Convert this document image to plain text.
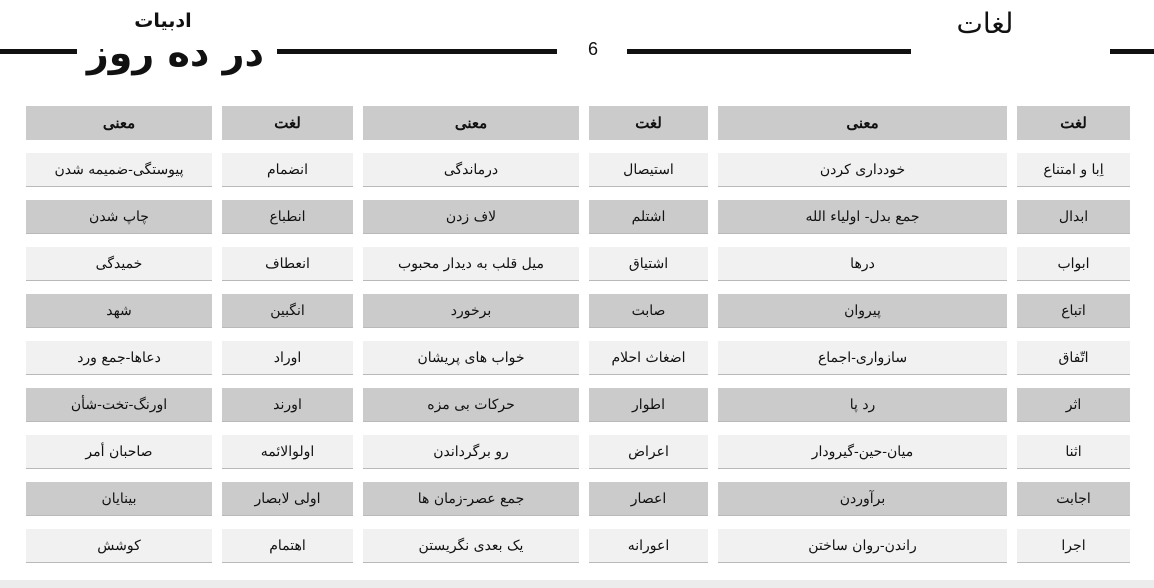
ادبیات
در ده روز	6
لغات
معنی	لغت	معنی	لغت	معنی	لغت
پیوستگی-ضمیمه شدن	انضمام	درماندگی	استیصال	خودداری کردن	اِبا و امتناع
چاپ شدن	انطباع	لاف زدن	اشتلم	جمع بدل- اولیاء الله	ابدال
خمیدگی	انعطاف	میل قلب به دیدار محبوب	اشتیاق	درها	ابواب
شهد	انگبین	برخورد	صابت	پیروان	اتباع
دعاها-جمع ورد	اوراد	خواب های پریشان	اضغاث احلام	سازواری-اجماع	اتّفاق
اورنگ-تخت-شأن	اورند	حرکات بی مزه	اطوار	رد پا	اثر
صاحبان أمر	اولوالائمه	رو برگرداندن	اعراض	میان-حین-گیرودار	اثنا
بینایان	اولی لابصار	جمع عصر-زمان ها	اعصار	برآوردن	اجابت
کوشش	اهتمام	یک بعدی نگریستن	اعورانه	راندن-روان ساختن	اجرا
